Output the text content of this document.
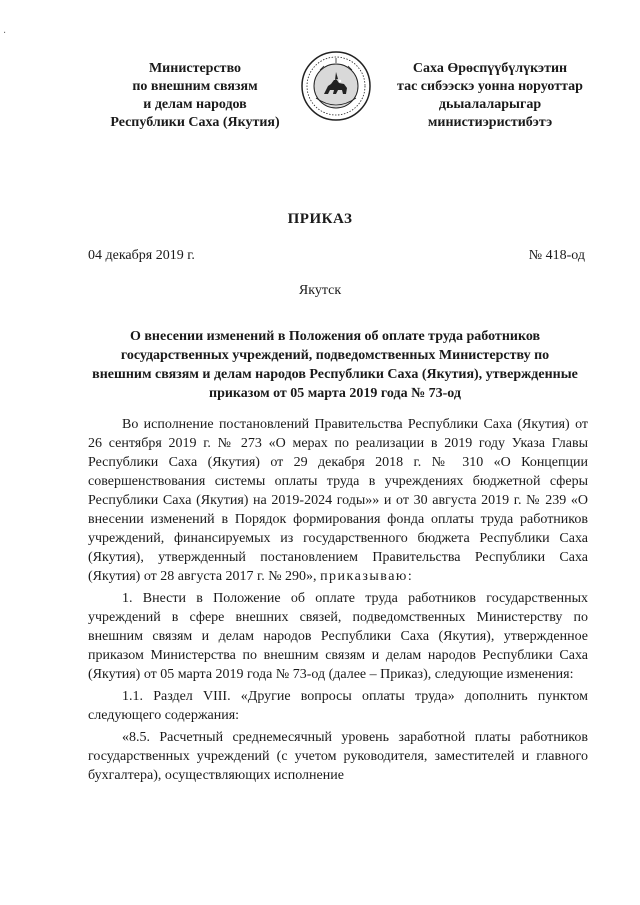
·
Министерство
по внешним связям
и делам народов
Республики Саха (Якутия)
Саха Өрөспүүбүлүкэтин
тас сибээскэ уонна норуоттар
дьыалаларыгар
министиэристибэтэ
ПРИКАЗ
04 декабря 2019 г.	№ 418-од
Якутск
О внесении изменений в Положения об оплате труда работников государственных учреждений, подведомственных Министерству по внешним связям и делам народов Республики Саха (Якутия), утвержденные приказом от 05 марта 2019 года № 73-од

Во исполнение постановлений Правительства Республики Саха (Якутия) от 26 сентября 2019 г. № 273 «О мерах по реализации в 2019 году Указа Главы Республики Саха (Якутия) от 29 декабря 2018 г. № 310 «О Концепции совершенствования системы оплаты труда в учреждениях бюджетной сферы Республики Саха (Якутия) на 2019-2024 годы»» и от 30 августа 2019 г. № 239 «О внесении изменений в Порядок формирования фонда оплаты труда работников учреждений, финансируемых из государственного бюджета Республики Саха (Якутия), утвержденный постановлением Правительства Республики Саха (Якутия) от 28 августа 2017 г. № 290», приказываю:

1. Внести в Положение об оплате труда работников государственных учреждений в сфере внешних связей, подведомственных Министерству по внешним связям и делам народов Республики Саха (Якутия), утвержденное приказом Министерства по внешним связям и делам народов Республики Саха (Якутия) от 05 марта 2019 года № 73-од (далее – Приказ), следующие изменения:

1.1. Раздел VIII. «Другие вопросы оплаты труда» дополнить пунктом следующего содержания:

«8.5. Расчетный среднемесячный уровень заработной платы работников государственных учреждений (с учетом руководителя, заместителей и главного бухгалтера), осуществляющих исполнение
